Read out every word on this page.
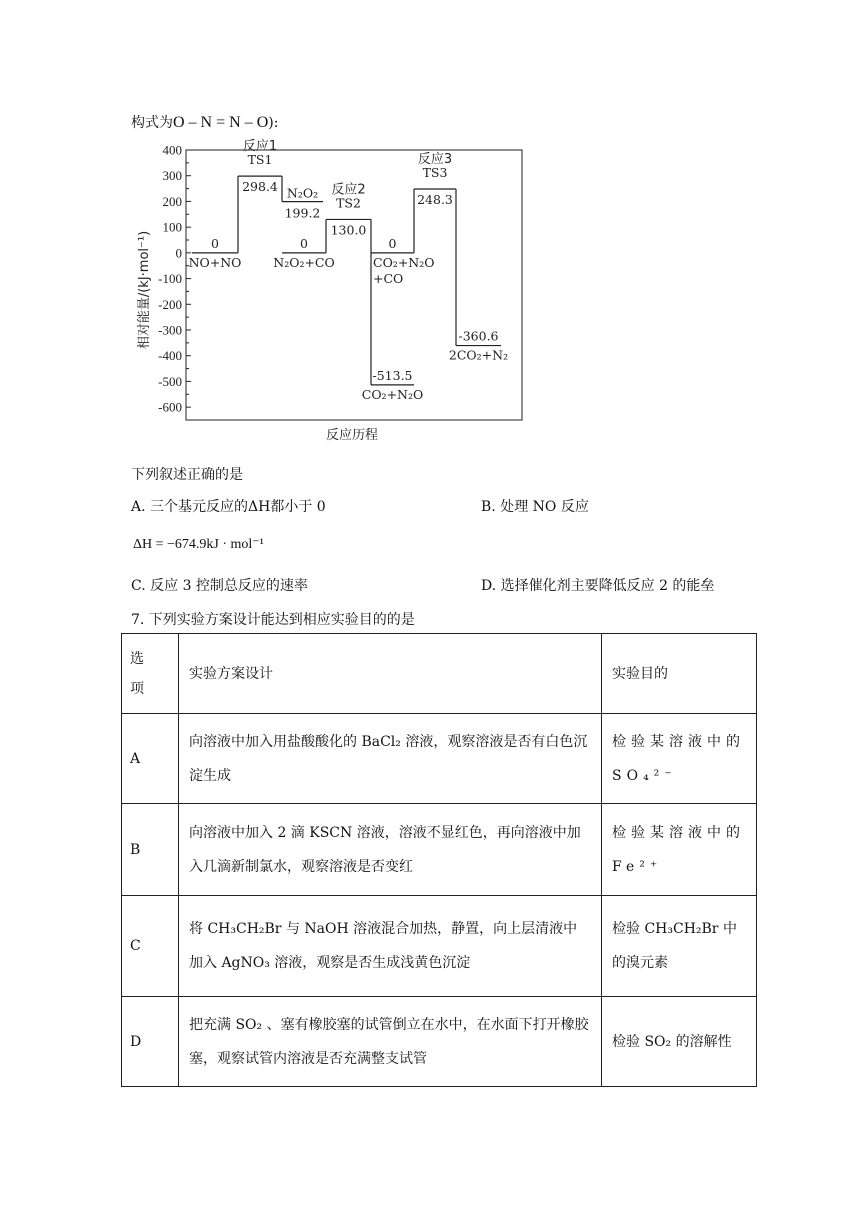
构式为O – N = N – O):
400
300
200
100
0
-100
-200
-300
-400
-500
-600
0
NO+NO
反应1
TS1
298.4 N₂O₂
199.2
0
N₂O₂+CO
反应2
TS2
130.0
-513.5
CO₂+N₂O
0
CO₂+N₂O
+CO
反应3
TS3
248.3
-360.6
2CO₂+N₂
相对能量/(kJ·mol⁻¹)
反应历程
下列叙述正确的是
A. 三个基元反应的ΔH都小于 0	B. 处理 NO 反应
ΔH = −674.9kJ · mol⁻¹
C. 反应 3 控制总反应的速率	D. 选择催化剂主要降低反应 2 的能垒
7. 下列实验方案设计能达到相应实验目的的是
选
项	实验方案设计	实验目的
A	向溶液中加入用盐酸酸化的 BaCl₂ 溶液，观察溶液是否有白色沉淀生成	检验某溶液中的 SO₄²⁻
B	向溶液中加入 2 滴 KSCN 溶液，溶液不显红色，再向溶液中加入几滴新制氯水，观察溶液是否变红	检验某溶液中的 Fe²⁺
C	将 CH₃CH₂Br 与 NaOH 溶液混合加热，静置，向上层清液中加入 AgNO₃ 溶液，观察是否生成浅黄色沉淀	检验 CH₃CH₂Br 中的溴元素
D	把充满 SO₂ 、塞有橡胶塞的试管倒立在水中，在水面下打开橡胶塞，观察试管内溶液是否充满整支试管	检验 SO₂ 的溶解性
